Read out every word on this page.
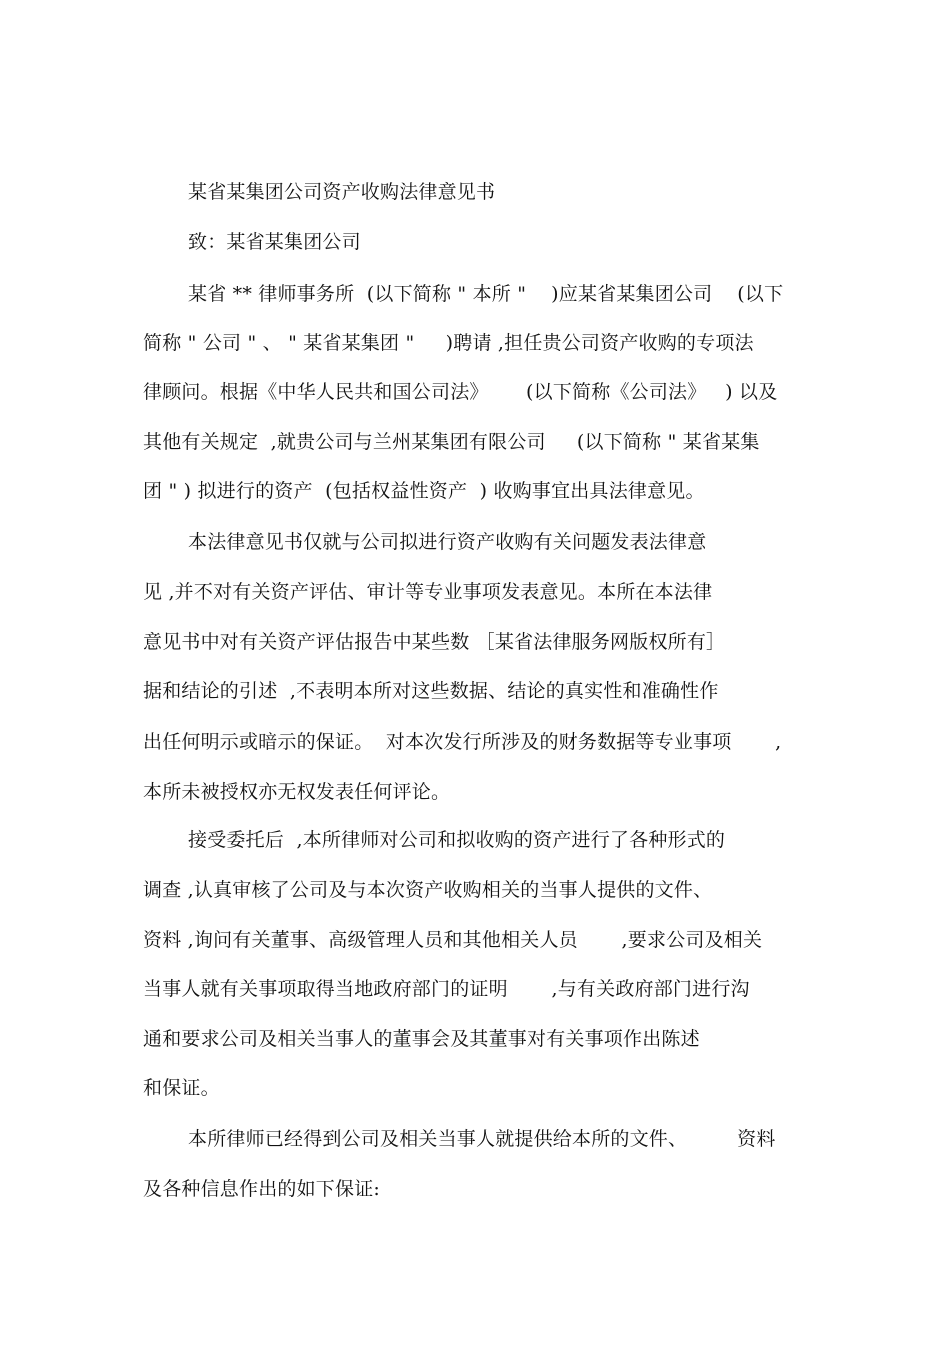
某省某集团公司资产收购法律意见书
致：某省某集团公司
某省 ** 律师事务所  (以下简称 " 本所 "    )应某省某集团公司    (以下
简称 " 公司 " 、 " 某省某集团 "     )聘请 ,担任贵公司资产收购的专项法
律顾问。根据《中华人民共和国公司法》      (以下简称《公司法》   ) 以及
其他有关规定  ,就贵公司与兰州某集团有限公司     (以下简称 " 某省某集
团 " ) 拟进行的资产  (包括权益性资产  ) 收购事宜出具法律意见。
本法律意见书仅就与公司拟进行资产收购有关问题发表法律意
见 ,并不对有关资产评估、审计等专业事项发表意见。本所在本法律
意见书中对有关资产评估报告中某些数 ［某省法律服务网版权所有］
据和结论的引述  ,不表明本所对这些数据、结论的真实性和准确性作
出任何明示或暗示的保证。  对本次发行所涉及的财务数据等专业事项       ,
本所未被授权亦无权发表任何评论。
接受委托后  ,本所律师对公司和拟收购的资产进行了各种形式的
调查 ,认真审核了公司及与本次资产收购相关的当事人提供的文件、
资料 ,询问有关董事、高级管理人员和其他相关人员       ,要求公司及相关
当事人就有关事项取得当地政府部门的证明       ,与有关政府部门进行沟
通和要求公司及相关当事人的董事会及其董事对有关事项作出陈述
和保证。
本所律师已经得到公司及相关当事人就提供给本所的文件、        资料
及各种信息作出的如下保证:
